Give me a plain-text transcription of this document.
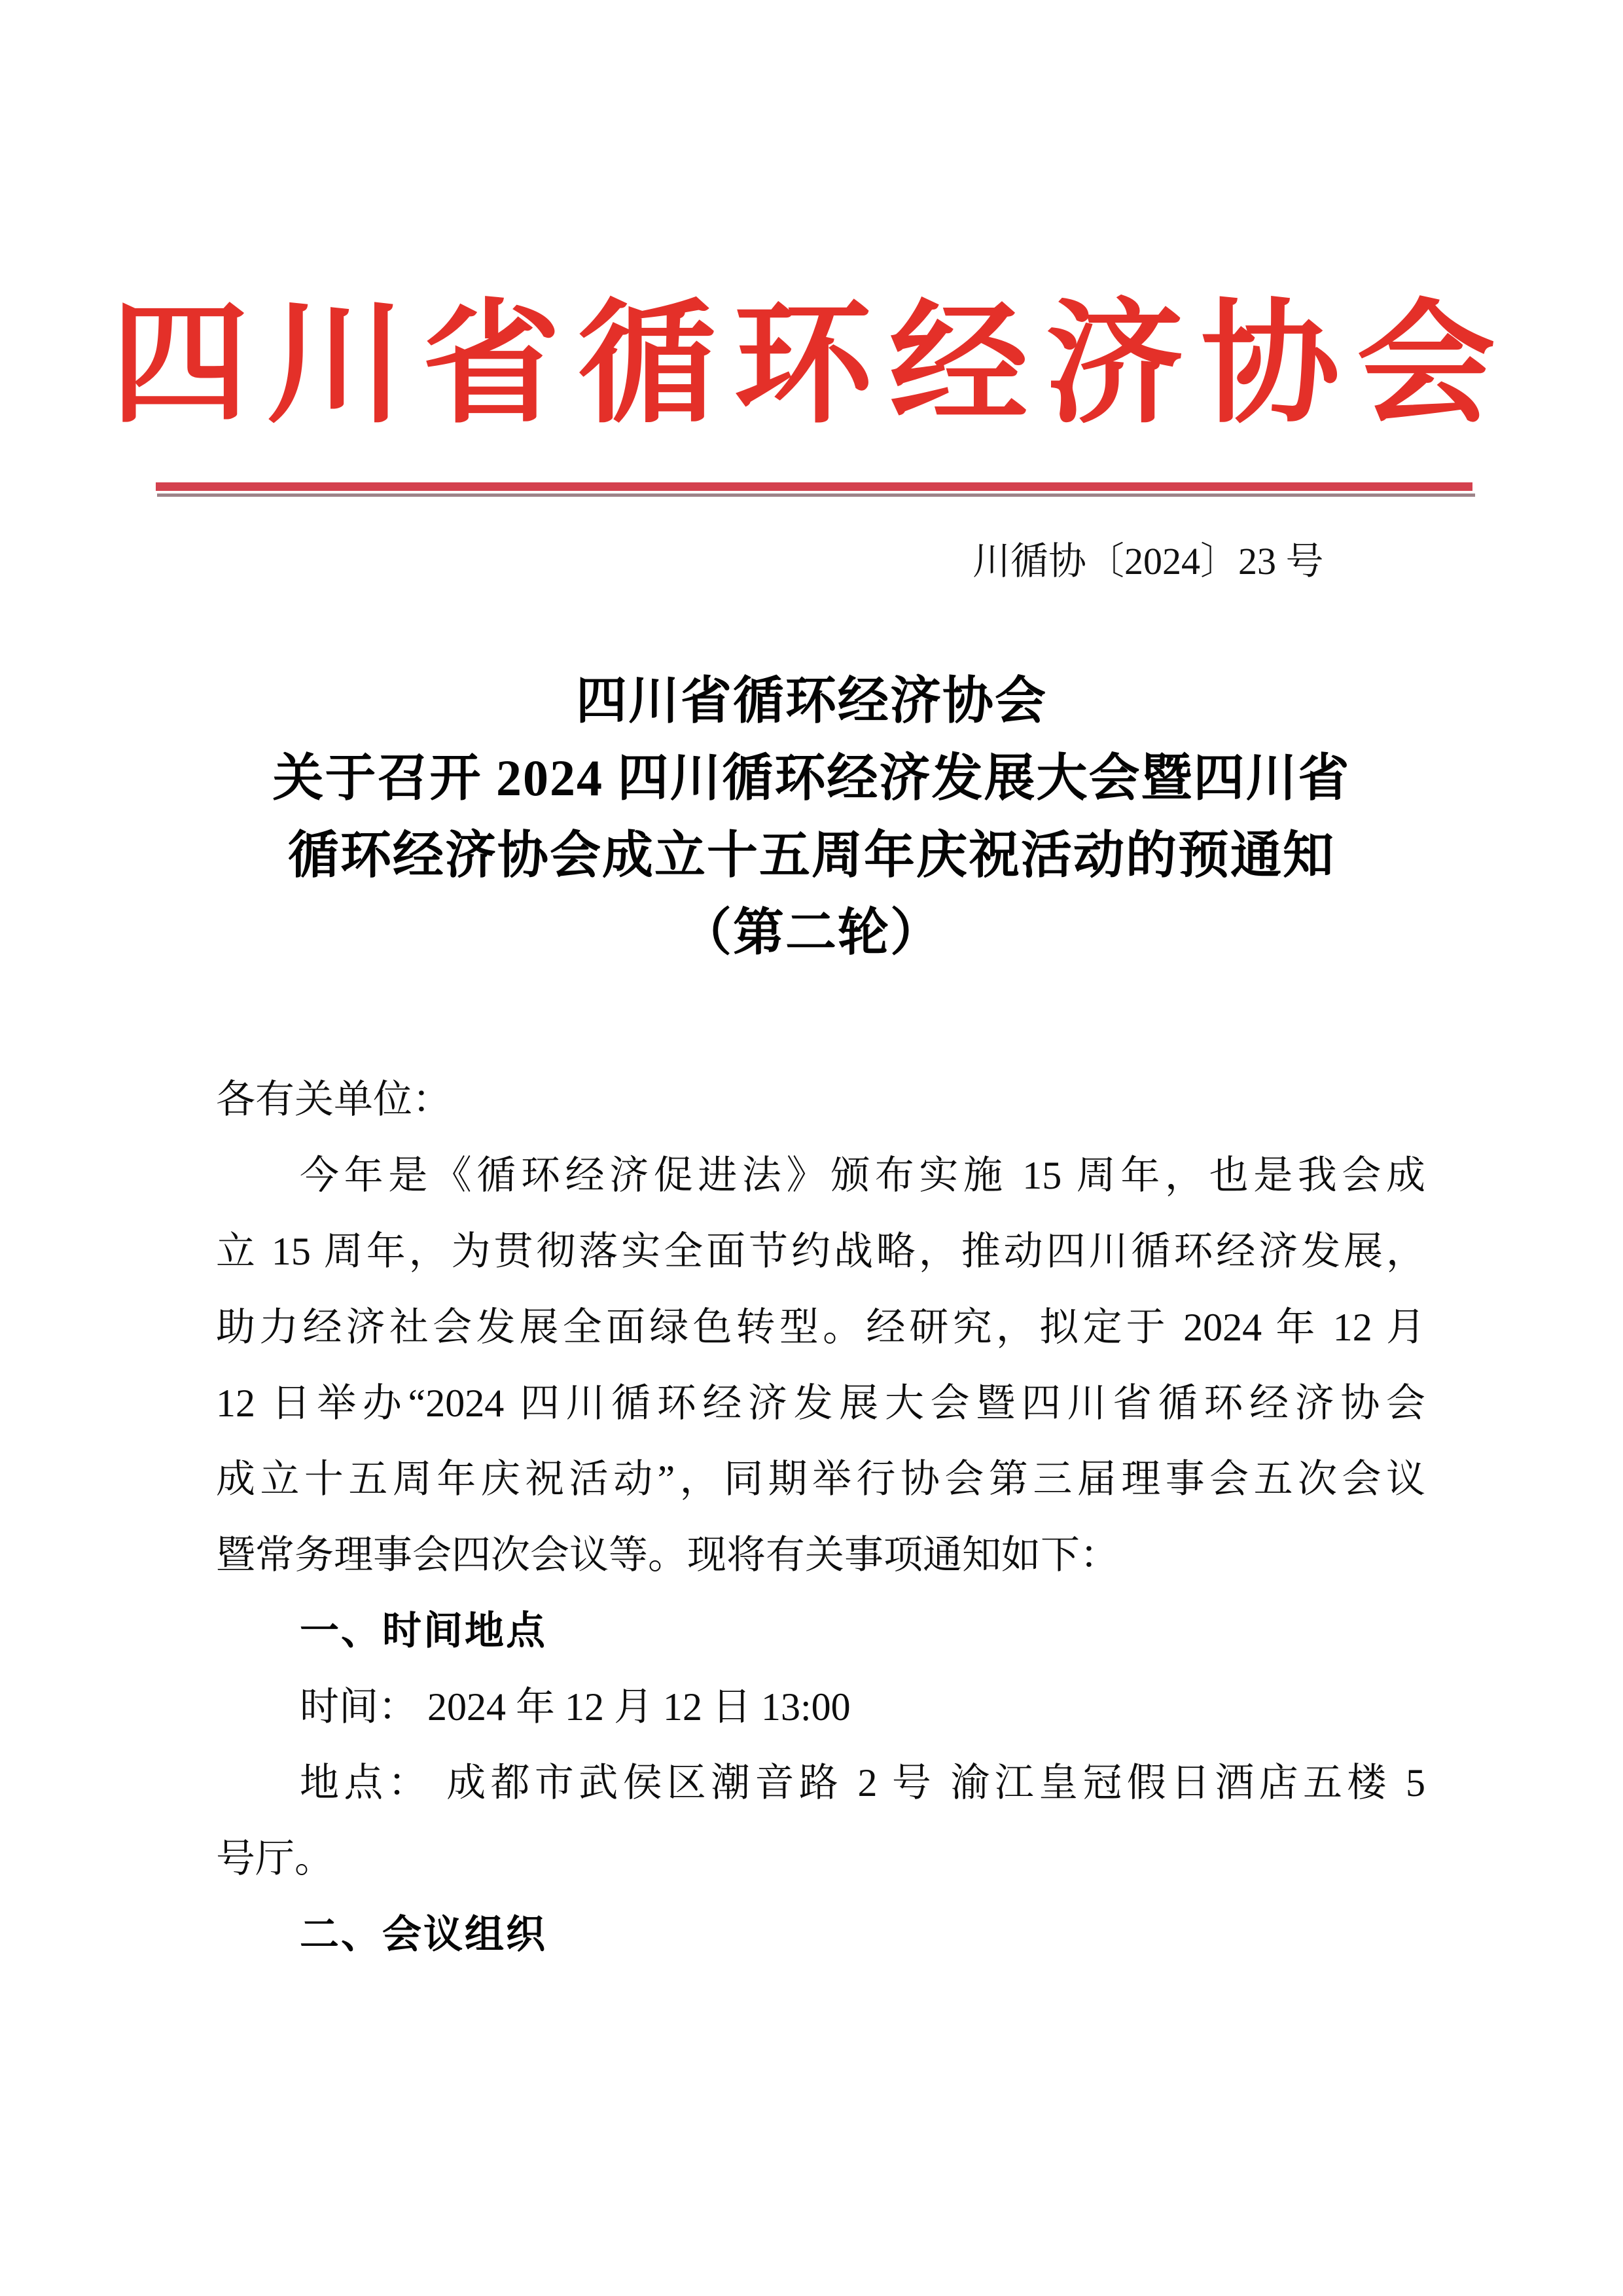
四川省循环经济协会
川循协〔2024〕23 号
四川省循环经济协会
关于召开 2024 四川循环经济发展大会暨四川省
循环经济协会成立十五周年庆祝活动的预通知
（第二轮）
各有关单位：
今年是《循环经济促进法》颁布实施 15 周年，也是我会成
立 15 周年，为贯彻落实全面节约战略，推动四川循环经济发展，
助力经济社会发展全面绿色转型。经研究，拟定于 2024 年 12 月
12 日举办“2024 四川循环经济发展大会暨四川省循环经济协会
成立十五周年庆祝活动”，同期举行协会第三届理事会五次会议
暨常务理事会四次会议等。现将有关事项通知如下：
一、时间地点
时间： 2024 年 12 月 12 日 13:00
地点： 成都市武侯区潮音路 2 号 渝江皇冠假日酒店五楼 5
号厅。
二、会议组织
